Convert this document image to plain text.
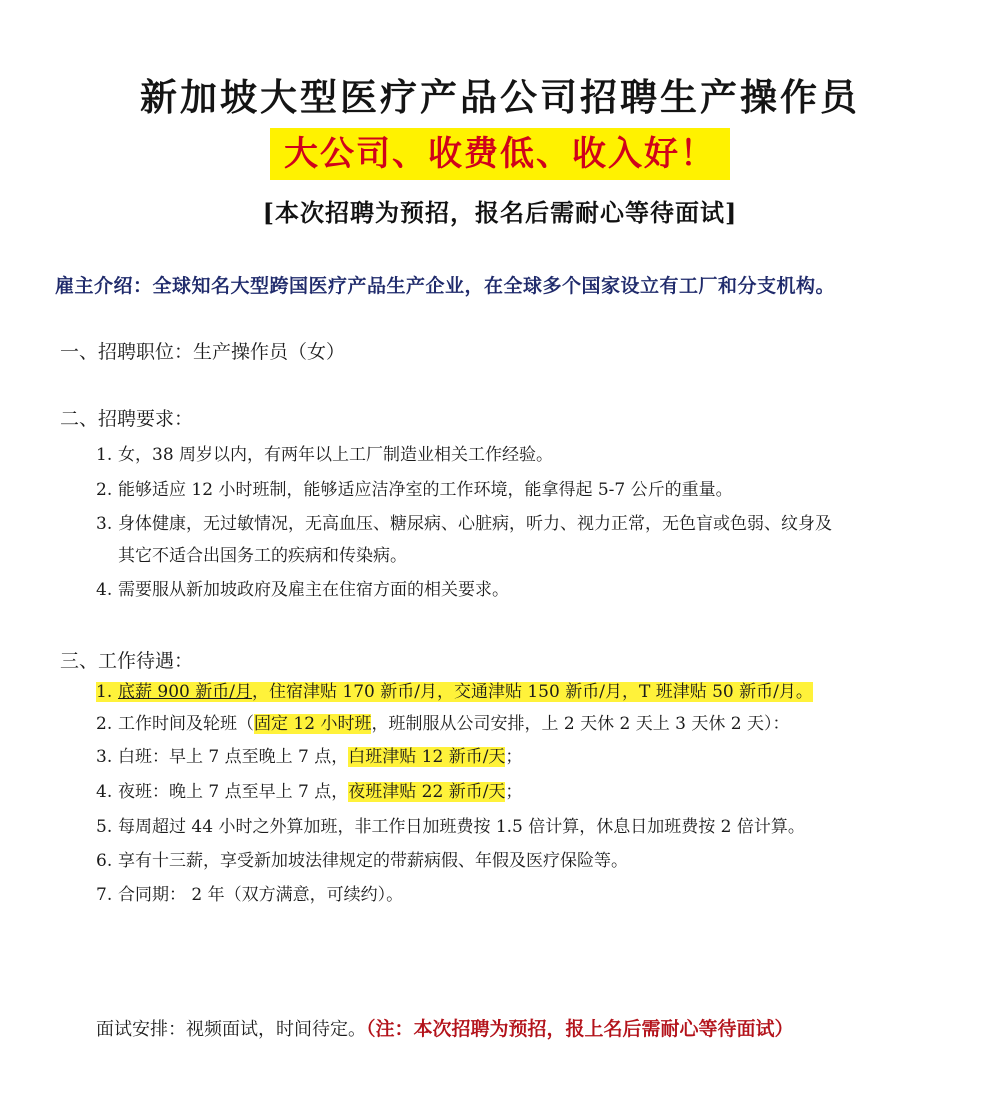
新加坡大型医疗产品公司招聘生产操作员
大公司、收费低、收入好！
[本次招聘为预招，报名后需耐心等待面试]
雇主介绍：全球知名大型跨国医疗产品生产企业，在全球多个国家设立有工厂和分支机构。
一、招聘职位：生产操作员（女）
二、招聘要求：
1. 女，38 周岁以内，有两年以上工厂制造业相关工作经验。
2. 能够适应 12 小时班制，能够适应洁净室的工作环境，能拿得起 5-7 公斤的重量。
3. 身体健康，无过敏情况，无高血压、糖尿病、心脏病，听力、视力正常，无色盲或色弱、纹身及
其它不适合出国务工的疾病和传染病。
4. 需要服从新加坡政府及雇主在住宿方面的相关要求。
三、工作待遇：
1. 底薪 900 新币/月，住宿津贴 170 新币/月，交通津贴 150 新币/月，T 班津贴 50 新币/月。
2. 工作时间及轮班（固定 12 小时班，班制服从公司安排，上 2 天休 2 天上 3 天休 2 天）：
3. 白班：早上 7 点至晚上 7 点，白班津贴 12 新币/天；
4. 夜班：晚上 7 点至早上 7 点，夜班津贴 22 新币/天；
5. 每周超过 44 小时之外算加班，非工作日加班费按 1.5 倍计算，休息日加班费按 2 倍计算。
6. 享有十三薪，享受新加坡法律规定的带薪病假、年假及医疗保险等。
7. 合同期： 2 年（双方满意，可续约）。
面试安排：视频面试，时间待定。（注：本次招聘为预招，报上名后需耐心等待面试）
